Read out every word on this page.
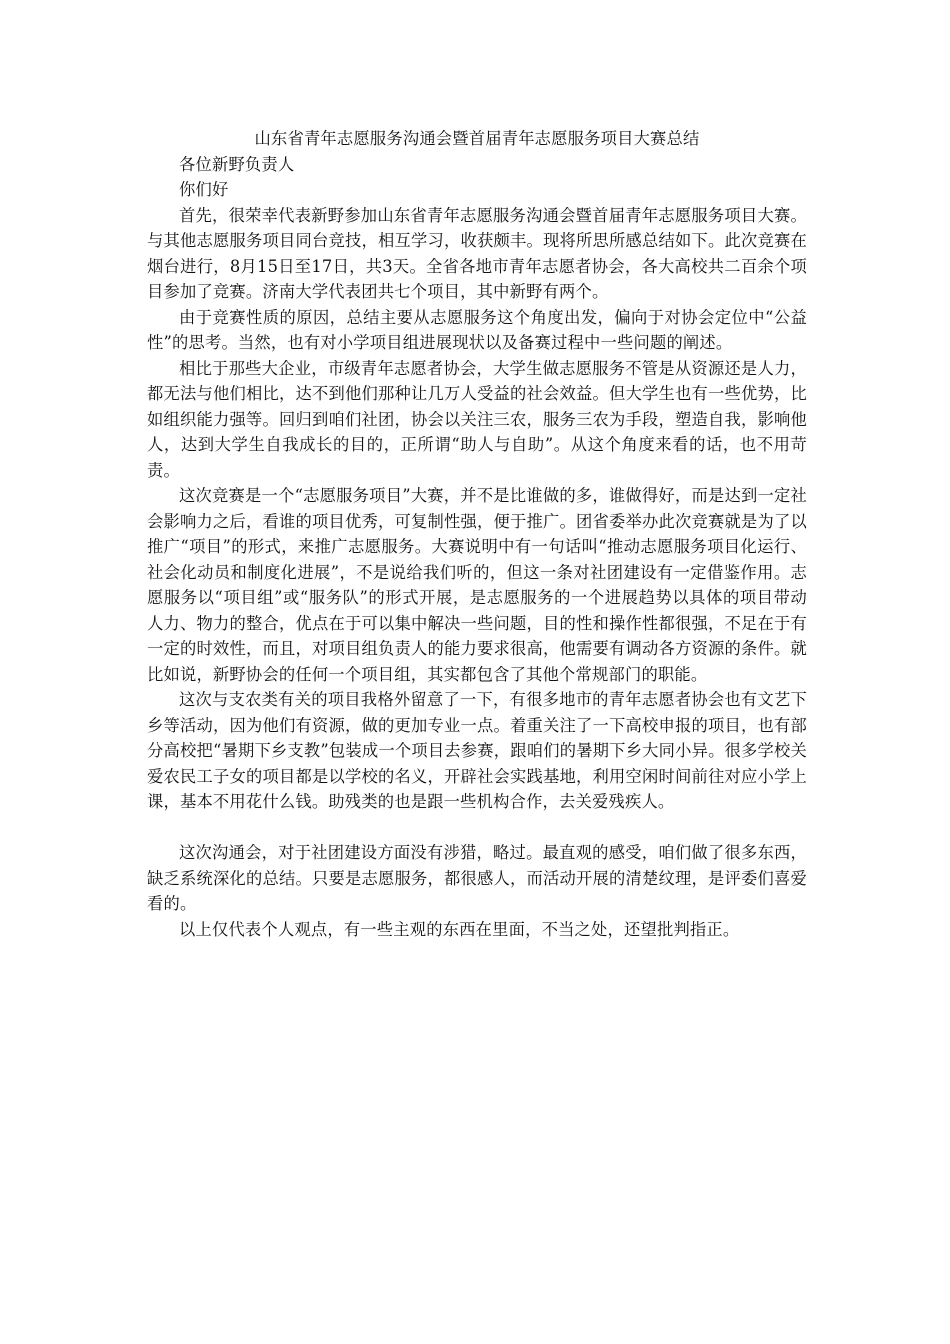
山东省青年志愿服务沟通会暨首届青年志愿服务项目大赛总结

各位新野负责人

你们好

首先，很荣幸代表新野参加山东省青年志愿服务沟通会暨首届青年志愿服务项目大赛。与其他志愿服务项目同台竞技，相互学习，收获颇丰。现将所思所感总结如下。此次竞赛在烟台进行，8月15日至17日，共3天。全省各地市青年志愿者协会，各大高校共二百余个项目参加了竞赛。济南大学代表团共七个项目，其中新野有两个。

由于竞赛性质的原因，总结主要从志愿服务这个角度出发，偏向于对协会定位中“公益性”的思考。当然，也有对小学项目组进展现状以及备赛过程中一些问题的阐述。

相比于那些大企业，市级青年志愿者协会，大学生做志愿服务不管是从资源还是人力，都无法与他们相比，达不到他们那种让几万人受益的社会效益。但大学生也有一些优势，比如组织能力强等。回归到咱们社团，协会以关注三农，服务三农为手段，塑造自我，影响他人，达到大学生自我成长的目的，正所谓“助人与自助”。从这个角度来看的话，也不用苛责。

这次竞赛是一个“志愿服务项目”大赛，并不是比谁做的多，谁做得好，而是达到一定社会影响力之后，看谁的项目优秀，可复制性强，便于推广。团省委举办此次竞赛就是为了以推广“项目”的形式，来推广志愿服务。大赛说明中有一句话叫“推动志愿服务项目化运行、社会化动员和制度化进展”，不是说给我们听的，但这一条对社团建设有一定借鉴作用。志愿服务以“项目组”或“服务队”的形式开展，是志愿服务的一个进展趋势以具体的项目带动人力、物力的整合，优点在于可以集中解决一些问题，目的性和操作性都很强，不足在于有一定的时效性，而且，对项目组负责人的能力要求很高，他需要有调动各方资源的条件。就比如说，新野协会的任何一个项目组，其实都包含了其他个常规部门的职能。

这次与支农类有关的项目我格外留意了一下，有很多地市的青年志愿者协会也有文艺下乡等活动，因为他们有资源，做的更加专业一点。着重关注了一下高校申报的项目，也有部分高校把“暑期下乡支教”包装成一个项目去参赛，跟咱们的暑期下乡大同小异。很多学校关爱农民工子女的项目都是以学校的名义，开辟社会实践基地，利用空闲时间前往对应小学上课，基本不用花什么钱。助残类的也是跟一些机构合作，去关爱残疾人。

这次沟通会，对于社团建设方面没有涉猎，略过。最直观的感受，咱们做了很多东西，缺乏系统深化的总结。只要是志愿服务，都很感人，而活动开展的清楚纹理，是评委们喜爱看的。

以上仅代表个人观点，有一些主观的东西在里面，不当之处，还望批判指正。
